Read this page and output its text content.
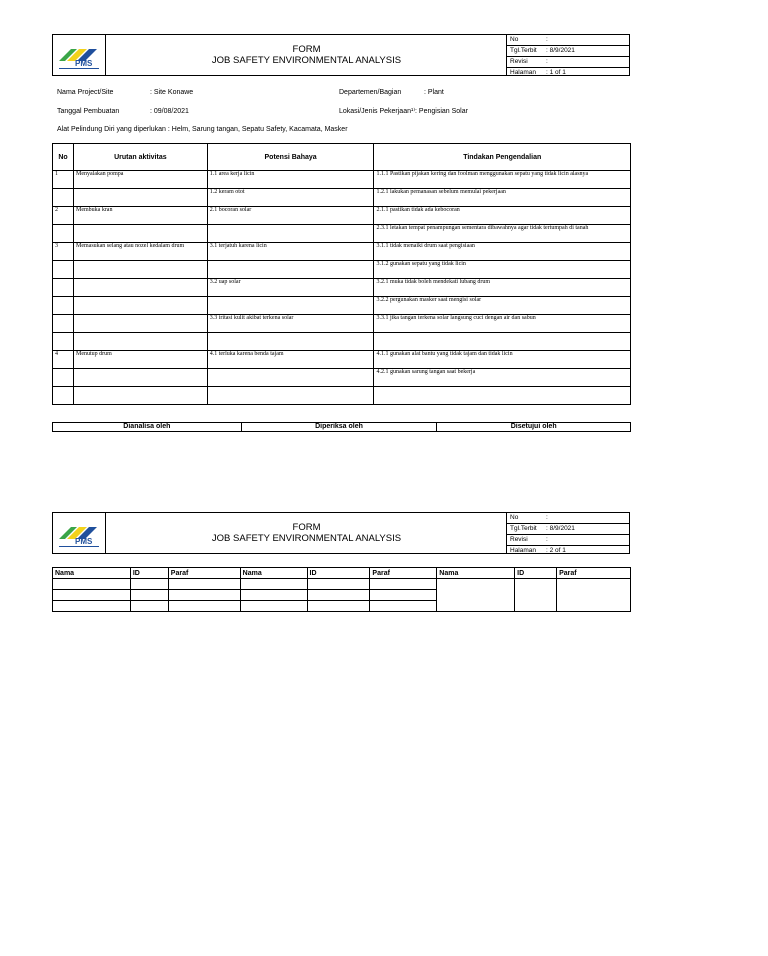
PMS
FORM
JOB SAFETY ENVIRONMENTAL ANALYSIS
No	:
Tgl.Terbit : 8/9/2021
Revisi	:
Halaman : 1 of 1
Nama Project/Site	: Site Konawe	Departemen/Bagian	: Plant
Tanggal Pembuatan	: 09/08/2021	Lokasi/Jenis Pekerjaan¹⁾: Pengisian Solar
Alat Pelindung Diri yang diperlukan : Helm, Sarung tangan, Sepatu Safety, Kacamata, Masker
No	Urutan aktivitas	Potensi Bahaya	Tindakan Pengendalian
1	Menyalakan pompa	1.1 area kerja licin	1.1.1 Pastikan pijakan kering dan foolman menggunakan sepatu yang tidak licin alasnya
		1.2 keram otot	1.2.1 lakukan pemanasan sebelum memulai pekerjaan
2	Membuka kran	2.1 bocoran solar	2.1.1 pastikan tidak ada kebocoran
			2.3.1 letakan tempat penampungan sementara dibawahnya agar tidak tertumpah di tanah
3	Memasukan selang atau nozel kedalam drum	3.1 terjatuh karena licin	3.1.1 tidak menaiki drum saat pengisiaan
			3.1.2 gunakan sepatu yang tidak licin
		3.2 uap solar	3.2.1 muka tidak boleh mendekati lubang drum
			3.2.2 pergunakan masker saat mengisi solar
		3.3 iritasi kulit akibat terkena solar	3.3.1 jika tangan terkena solar langsung cuci dengan air dan sabun

4	Menutup drum	4.1 terluka karena benda tajam	4.1.1 gunakan alat bantu yang tidak tajam dan tidak licin
			4.2.1 gunakan sarung tangan saat bekerja

Dianalisa oleh	Diperiksa oleh	Disetujui oleh
PMS
FORM
JOB SAFETY ENVIRONMENTAL ANALYSIS
No	:
Tgl.Terbit : 8/9/2021
Revisi	:
Halaman : 2 of 1
Nama	ID	Paraf	Nama	ID	Paraf	Nama	ID	Paraf
